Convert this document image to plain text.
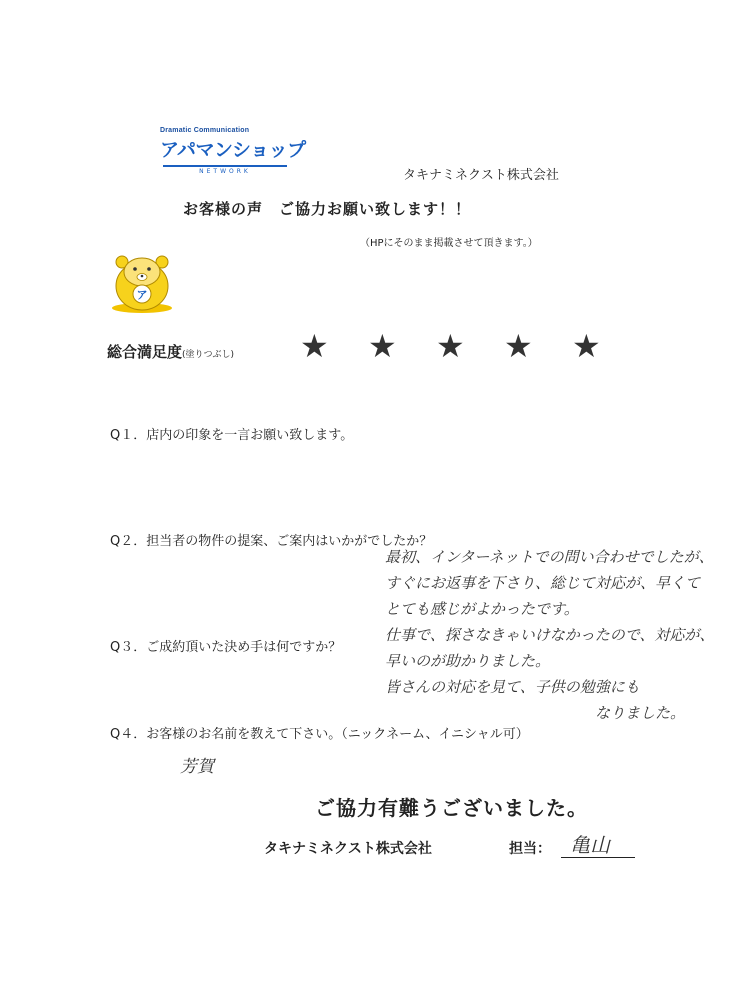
Dramatic Communication
アパマンショップ
NETWORK	タキナミネクスト株式会社
お客様の声　ご協力お願い致します！！
（HPにそのまま掲載させて頂きます。）
ア
総合満足度(塗りつぶし) ★ ★ ★ ★ ★
Q１．店内の印象を一言お願い致します。
Q２．担当者の物件の提案、ご案内はいかがでしたか？
Q３．ご成約頂いた決め手は何ですか？
Q４．お客様のお名前を教えて下さい。（ニックネーム、イニシャル可）
最初、インターネットでの問い合わせでしたが、
すぐにお返事を下さり、総じて対応が、早くて
とても感じがよかったです。
仕事で、探さなきゃいけなかったので、対応が、
早いのが助かりました。
皆さんの対応を見て、子供の勉強にも
なりました。
芳賀
ご協力有難うございました。
タキナミネクスト株式会社	担当： 亀山
